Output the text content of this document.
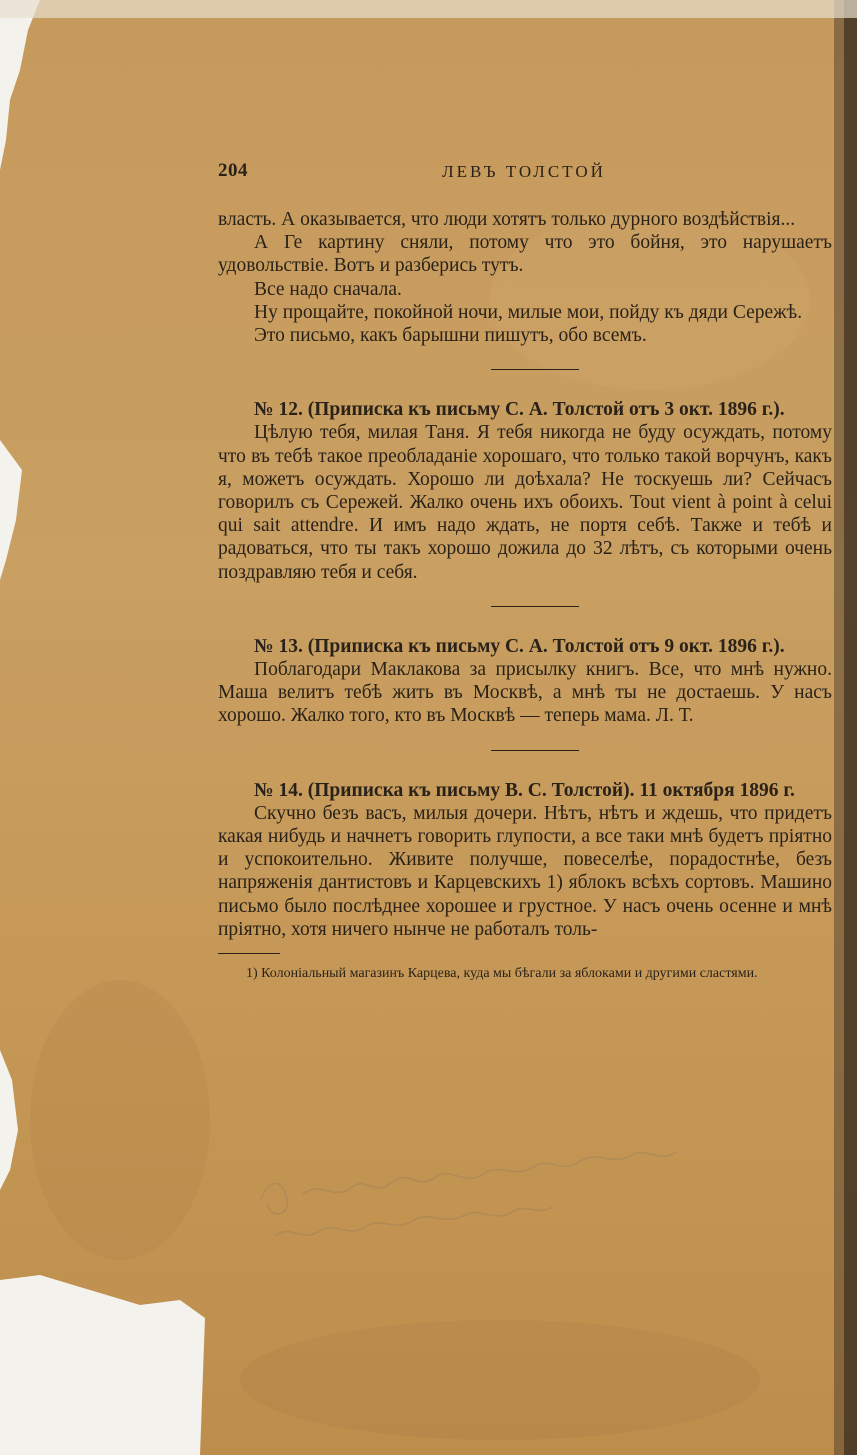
204	ЛЕВЪ ТОЛСТОЙ

власть. А оказывается, что люди хотятъ только дурного воздѣйствія...

А Ге картину сняли, потому что это бойня, это нарушаетъ удовольствіе. Вотъ и разберись тутъ.

Все надо сначала.

Ну прощайте, покойной ночи, милые мои, пойду къ дяди Сережѣ.

Это письмо, какъ барышни пишутъ, обо всемъ.

№ 12. (Приписка къ письму С. А. Толстой отъ 3 окт. 1896 г.).

Цѣлую тебя, милая Таня. Я тебя никогда не буду осуждать, потому что въ тебѣ такое преобладаніе хорошаго, что только такой ворчунъ, какъ я, можетъ осуждать. Хорошо ли доѣхала? Не тоскуешь ли? Сейчасъ говорилъ съ Сережей. Жалко очень ихъ обоихъ. Tout vient à point à celui qui sait attendre. И имъ надо ждать, не портя себѣ. Также и тебѣ и радоваться, что ты такъ хорошо дожила до 32 лѣтъ, съ которыми очень поздравляю тебя и себя.

№ 13. (Приписка къ письму С. А. Толстой отъ 9 окт. 1896 г.).

Поблагодари Маклакова за присылку книгъ. Все, что мнѣ нужно. Маша велитъ тебѣ жить въ Москвѣ, а мнѣ ты не достаешь. У насъ хорошо. Жалко того, кто въ Москвѣ — теперь мама. Л. Т.

№ 14. (Приписка къ письму В. С. Толстой). 11 октября 1896 г.

Скучно безъ васъ, милыя дочери. Нѣтъ, нѣтъ и ждешь, что придетъ какая нибудь и начнетъ говорить глупости, а все таки мнѣ будетъ пріятно и успокоительно. Живите получше, повеселѣе, порадостнѣе, безъ напряженія дантистовъ и Карцевскихъ 1) яблокъ всѣхъ сортовъ. Машино письмо было послѣднее хорошее и грустное. У насъ очень осенне и мнѣ пріятно, хотя ничего нынче не работалъ толь-

1) Колоніальный магазинъ Карцева, куда мы бѣгали за яблоками и другими сластями.
